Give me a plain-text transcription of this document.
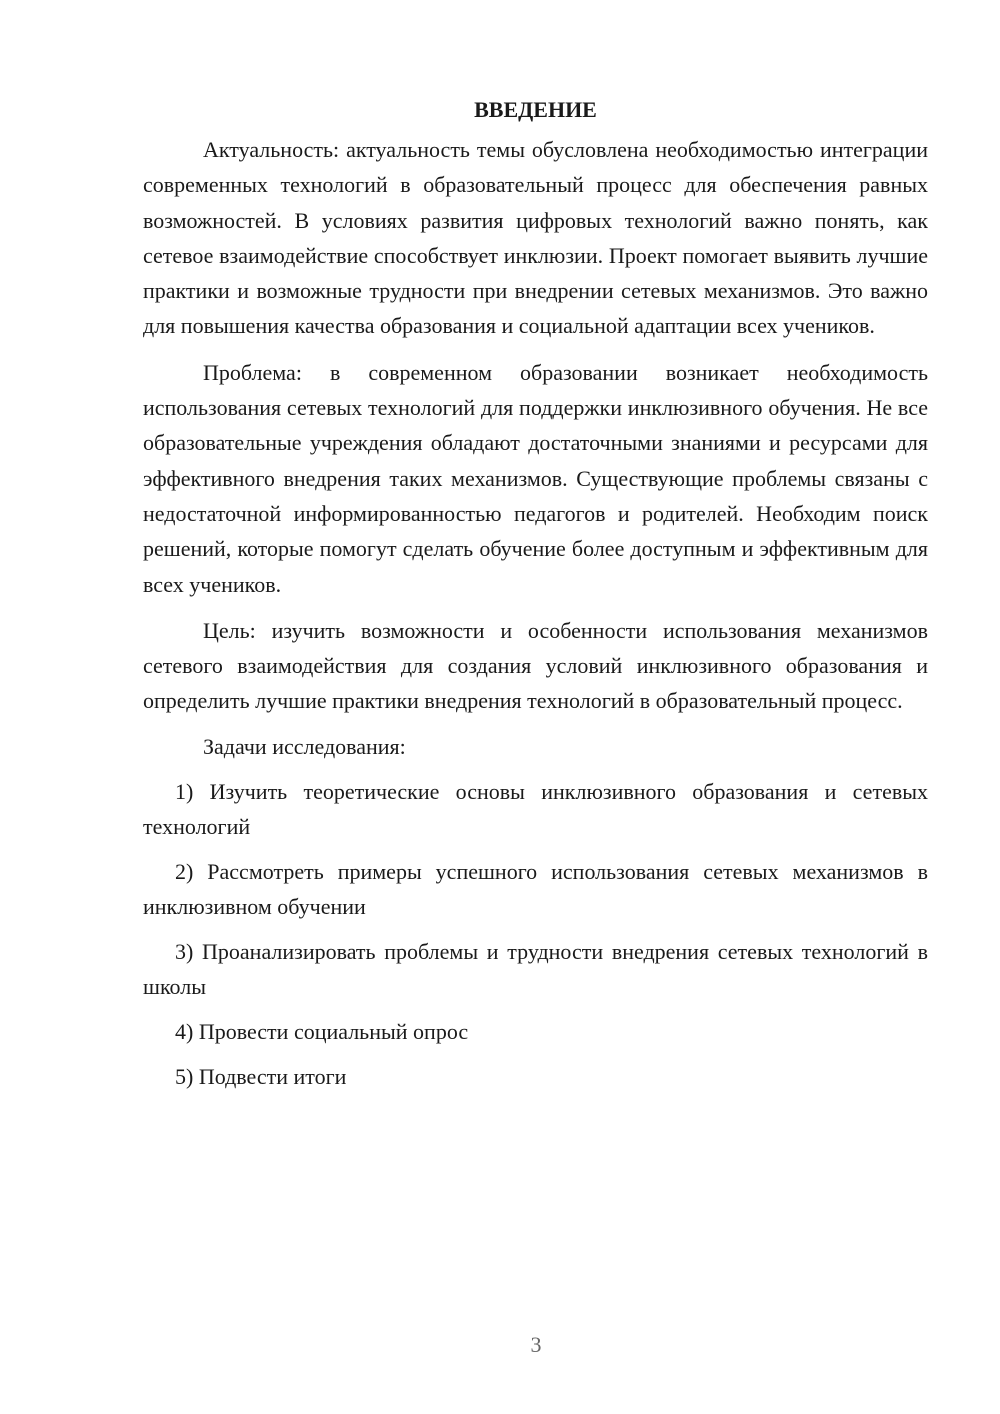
ВВЕДЕНИЕ

Актуальность: актуальность темы обусловлена необходимостью интеграции современных технологий в образовательный процесс для обеспечения равных возможностей. В условиях развития цифровых технологий важно понять, как сетевое взаимодействие способствует инклюзии. Проект помогает выявить лучшие практики и возможные трудности при внедрении сетевых механизмов. Это важно для повышения качества образования и социальной адаптации всех учеников.

Проблема: в современном образовании возникает необходимость использования сетевых технологий для поддержки инклюзивного обучения. Не все образовательные учреждения обладают достаточными знаниями и ресурсами для эффективного внедрения таких механизмов. Существующие проблемы связаны с недостаточной информированностью педагогов и родителей. Необходим поиск решений, которые помогут сделать обучение более доступным и эффективным для всех учеников.

Цель: изучить возможности и особенности использования механизмов сетевого взаимодействия для создания условий инклюзивного образования и определить лучшие практики внедрения технологий в образовательный процесс.

Задачи исследования:

1) Изучить теоретические основы инклюзивного образования и сетевых технологий

2) Рассмотреть примеры успешного использования сетевых механизмов в инклюзивном обучении

3) Проанализировать проблемы и трудности внедрения сетевых технологий в школы

4) Провести социальный опрос

5) Подвести итоги

3
